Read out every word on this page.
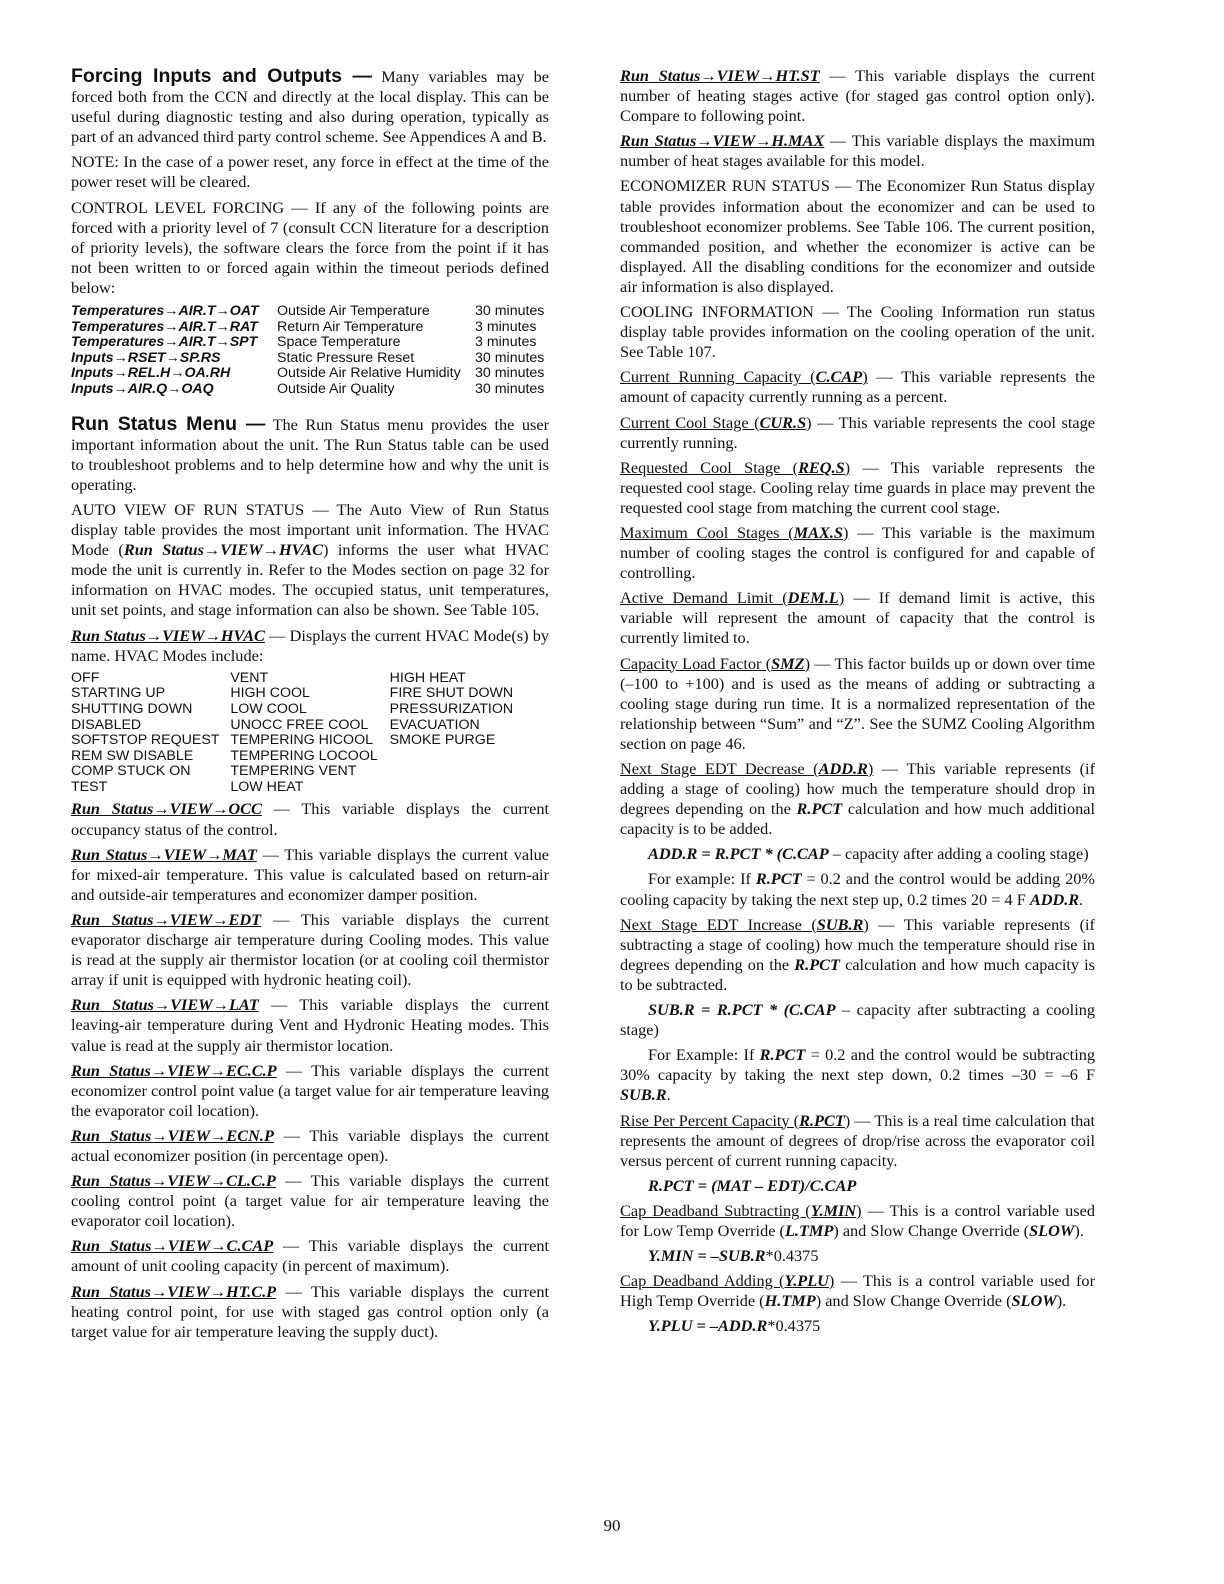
Forcing Inputs and Outputs — Many variables may be forced both from the CCN and directly at the local display. This can be useful during diagnostic testing and also during operation, typically as part of an advanced third party control scheme. See Appendices A and B.

NOTE: In the case of a power reset, any force in effect at the time of the power reset will be cleared.

CONTROL LEVEL FORCING — If any of the following points are forced with a priority level of 7 (consult CCN literature for a description of priority levels), the software clears the force from the point if it has not been written to or forced again within the timeout periods defined below:

Temperatures→AIR.T→OAT	Outside Air Temperature	30 minutes
Temperatures→AIR.T→RAT	Return Air Temperature	3 minutes
Temperatures→AIR.T→SPT	Space Temperature	3 minutes
Inputs→RSET→SP.RS	Static Pressure Reset	30 minutes
Inputs→REL.H→OA.RH	Outside Air Relative Humidity	30 minutes
Inputs→AIR.Q→OAQ	Outside Air Quality	30 minutes

Run Status Menu — The Run Status menu provides the user important information about the unit. The Run Status table can be used to troubleshoot problems and to help determine how and why the unit is operating.

AUTO VIEW OF RUN STATUS — The Auto View of Run Status display table provides the most important unit information. The HVAC Mode (Run Status→VIEW→HVAC) informs the user what HVAC mode the unit is currently in. Refer to the Modes section on page 32 for information on HVAC modes. The occupied status, unit temperatures, unit set points, and stage information can also be shown. See Table 105.

Run Status→VIEW→HVAC — Displays the current HVAC Mode(s) by name. HVAC Modes include:

OFF	VENT	HIGH HEAT
STARTING UP	HIGH COOL	FIRE SHUT DOWN
SHUTTING DOWN	LOW COOL	PRESSURIZATION
DISABLED	UNOCC FREE COOL	EVACUATION
SOFTSTOP REQUEST	TEMPERING HICOOL	SMOKE PURGE
REM SW DISABLE	TEMPERING LOCOOL	
COMP STUCK ON	TEMPERING VENT	
TEST	LOW HEAT	

Run Status→VIEW→OCC — This variable displays the current occupancy status of the control.

Run Status→VIEW→MAT — This variable displays the current value for mixed-air temperature. This value is calculated based on return-air and outside-air temperatures and economizer damper position.

Run Status→VIEW→EDT — This variable displays the current evaporator discharge air temperature during Cooling modes. This value is read at the supply air thermistor location (or at cooling coil thermistor array if unit is equipped with hydronic heating coil).

Run Status→VIEW→LAT — This variable displays the current leaving-air temperature during Vent and Hydronic Heating modes. This value is read at the supply air thermistor location.

Run Status→VIEW→EC.C.P — This variable displays the current economizer control point value (a target value for air temperature leaving the evaporator coil location).

Run Status→VIEW→ECN.P — This variable displays the current actual economizer position (in percentage open).

Run Status→VIEW→CL.C.P — This variable displays the current cooling control point (a target value for air temperature leaving the evaporator coil location).

Run Status→VIEW→C.CAP — This variable displays the current amount of unit cooling capacity (in percent of maximum).

Run Status→VIEW→HT.C.P — This variable displays the current heating control point, for use with staged gas control option only (a target value for air temperature leaving the supply duct).

Run Status→VIEW→HT.ST — This variable displays the current number of heating stages active (for staged gas control option only). Compare to following point.

Run Status→VIEW→H.MAX — This variable displays the maximum number of heat stages available for this model.

ECONOMIZER RUN STATUS — The Economizer Run Status display table provides information about the economizer and can be used to troubleshoot economizer problems. See Table 106. The current position, commanded position, and whether the economizer is active can be displayed. All the disabling conditions for the economizer and outside air information is also displayed.

COOLING INFORMATION — The Cooling Information run status display table provides information on the cooling operation of the unit. See Table 107.

Current Running Capacity (C.CAP) — This variable represents the amount of capacity currently running as a percent.

Current Cool Stage (CUR.S) — This variable represents the cool stage currently running.

Requested Cool Stage (REQ.S) — This variable represents the requested cool stage. Cooling relay time guards in place may prevent the requested cool stage from matching the current cool stage.

Maximum Cool Stages (MAX.S) — This variable is the maximum number of cooling stages the control is configured for and capable of controlling.

Active Demand Limit (DEM.L) — If demand limit is active, this variable will represent the amount of capacity that the control is currently limited to.

Capacity Load Factor (SMZ) — This factor builds up or down over time (–100 to +100) and is used as the means of adding or subtracting a cooling stage during run time. It is a normalized representation of the relationship between “Sum” and “Z”. See the SUMZ Cooling Algorithm section on page 46.

Next Stage EDT Decrease (ADD.R) — This variable represents (if adding a stage of cooling) how much the temperature should drop in degrees depending on the R.PCT calculation and how much additional capacity is to be added.

ADD.R = R.PCT * (C.CAP – capacity after adding a cooling stage)

For example: If R.PCT = 0.2 and the control would be adding 20% cooling capacity by taking the next step up, 0.2 times 20 = 4 F ADD.R.

Next Stage EDT Increase (SUB.R) — This variable represents (if subtracting a stage of cooling) how much the temperature should rise in degrees depending on the R.PCT calculation and how much capacity is to be subtracted.

SUB.R = R.PCT * (C.CAP – capacity after subtracting a cooling stage)

For Example: If R.PCT = 0.2 and the control would be subtracting 30% capacity by taking the next step down, 0.2 times –30 = –6 F SUB.R.

Rise Per Percent Capacity (R.PCT) — This is a real time calculation that represents the amount of degrees of drop/rise across the evaporator coil versus percent of current running capacity.

R.PCT = (MAT – EDT)/C.CAP

Cap Deadband Subtracting (Y.MIN) — This is a control variable used for Low Temp Override (L.TMP) and Slow Change Override (SLOW).

Y.MIN = –SUB.R*0.4375

Cap Deadband Adding (Y.PLU) — This is a control variable used for High Temp Override (H.TMP) and Slow Change Override (SLOW).

Y.PLU = –ADD.R*0.4375

90
